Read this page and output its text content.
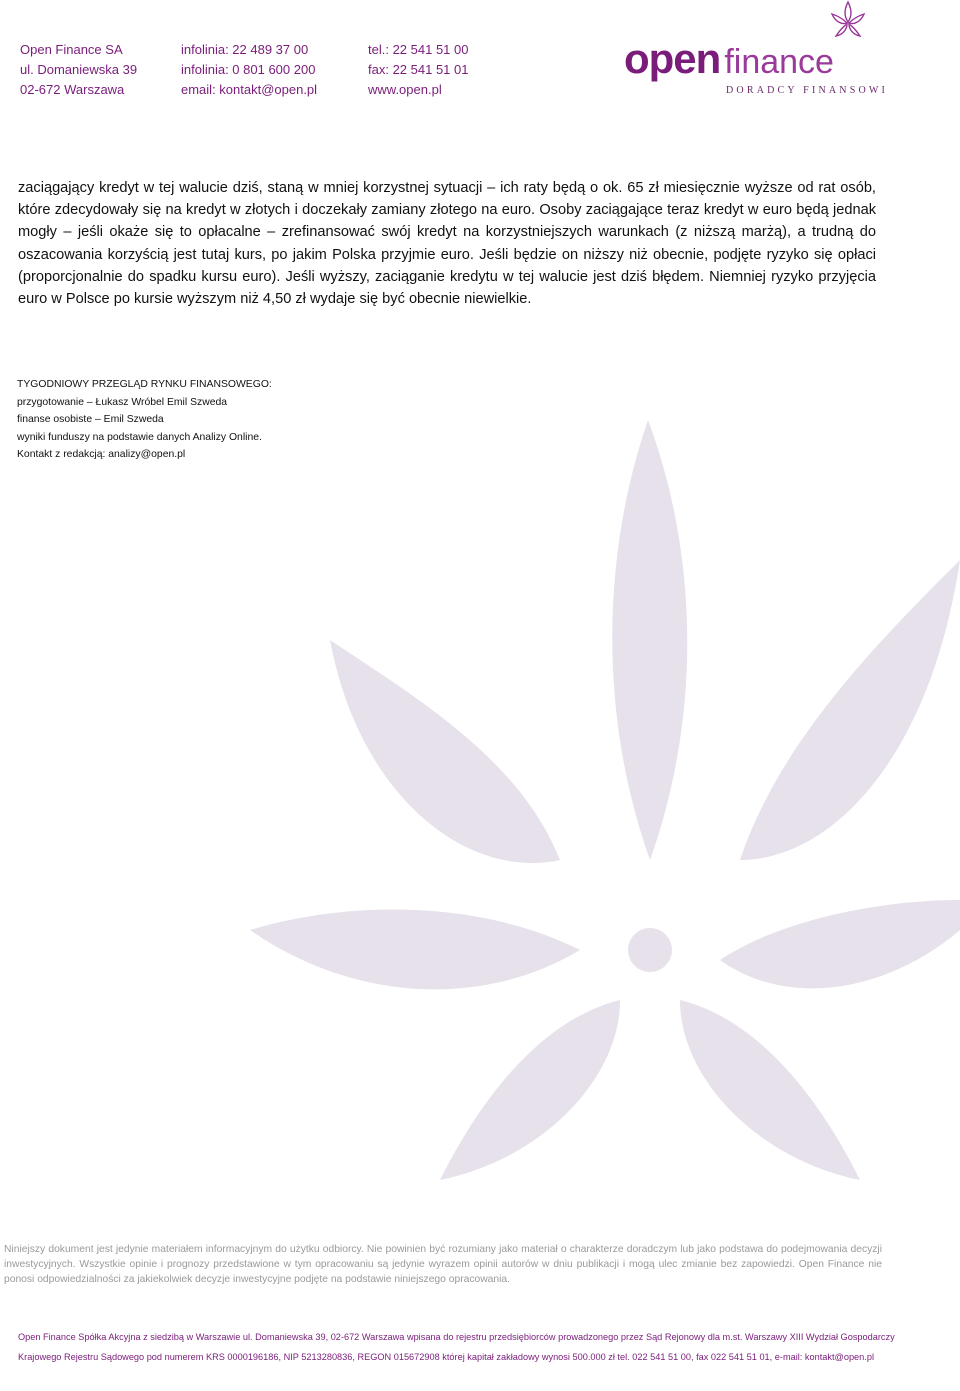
Open Finance SA
ul. Domaniewska 39
02-672 Warszawa
infolinia: 22 489 37 00
infolinia: 0 801 600 200
email: kontakt@open.pl
tel.: 22 541 51 00
fax: 22 541 51 01
www.open.pl
open finance
DORADCY FINANSOWI
zaciągający kredyt w tej walucie dziś, staną w mniej korzystnej sytuacji – ich raty będą o ok. 65 zł miesięcznie wyższe od rat osób, które zdecydowały się na kredyt w złotych i doczekały zamiany złotego na euro. Osoby zaciągające teraz kredyt w euro będą jednak mogły – jeśli okaże się to opłacalne – zrefinansować swój kredyt na korzystniejszych warunkach (z niższą marżą), a trudną do oszacowania korzyścią jest tutaj kurs, po jakim Polska przyjmie euro. Jeśli będzie on niższy niż obecnie, podjęte ryzyko się opłaci (proporcjonalnie do spadku kursu euro). Jeśli wyższy, zaciąganie kredytu w tej walucie jest dziś błędem. Niemniej ryzyko przyjęcia euro w Polsce po kursie wyższym niż 4,50 zł wydaje się być obecnie niewielkie.
TYGODNIOWY PRZEGLĄD RYNKU FINANSOWEGO:
przygotowanie – Łukasz Wróbel Emil Szweda
finanse osobiste – Emil Szweda
wyniki funduszy na podstawie danych Analizy Online.
Kontakt z redakcją: analizy@open.pl
Niniejszy dokument jest jedynie materiałem informacyjnym do użytku odbiorcy. Nie powinien być rozumiany jako materiał o charakterze doradczym lub jako podstawa do podejmowania decyzji inwestycyjnych. Wszystkie opinie i prognozy przedstawione w tym opracowaniu są jedynie wyrazem opinii autorów w dniu publikacji i mogą ulec zmianie bez zapowiedzi. Open Finance nie ponosi odpowiedzialności za jakiekolwiek decyzje inwestycyjne podjęte na podstawie niniejszego opracowania.
Open Finance Spółka Akcyjna z siedzibą w Warszawie ul. Domaniewska 39, 02-672 Warszawa wpisana do rejestru przedsiębiorców prowadzonego przez Sąd Rejonowy dla m.st. Warszawy XIII Wydział Gospodarczy
Krajowego Rejestru Sądowego pod numerem KRS 0000196186, NIP 5213280836, REGON 015672908 której kapitał zakładowy wynosi 500.000 zł tel. 022 541 51 00, fax 022 541 51 01, e-mail: kontakt@open.pl
